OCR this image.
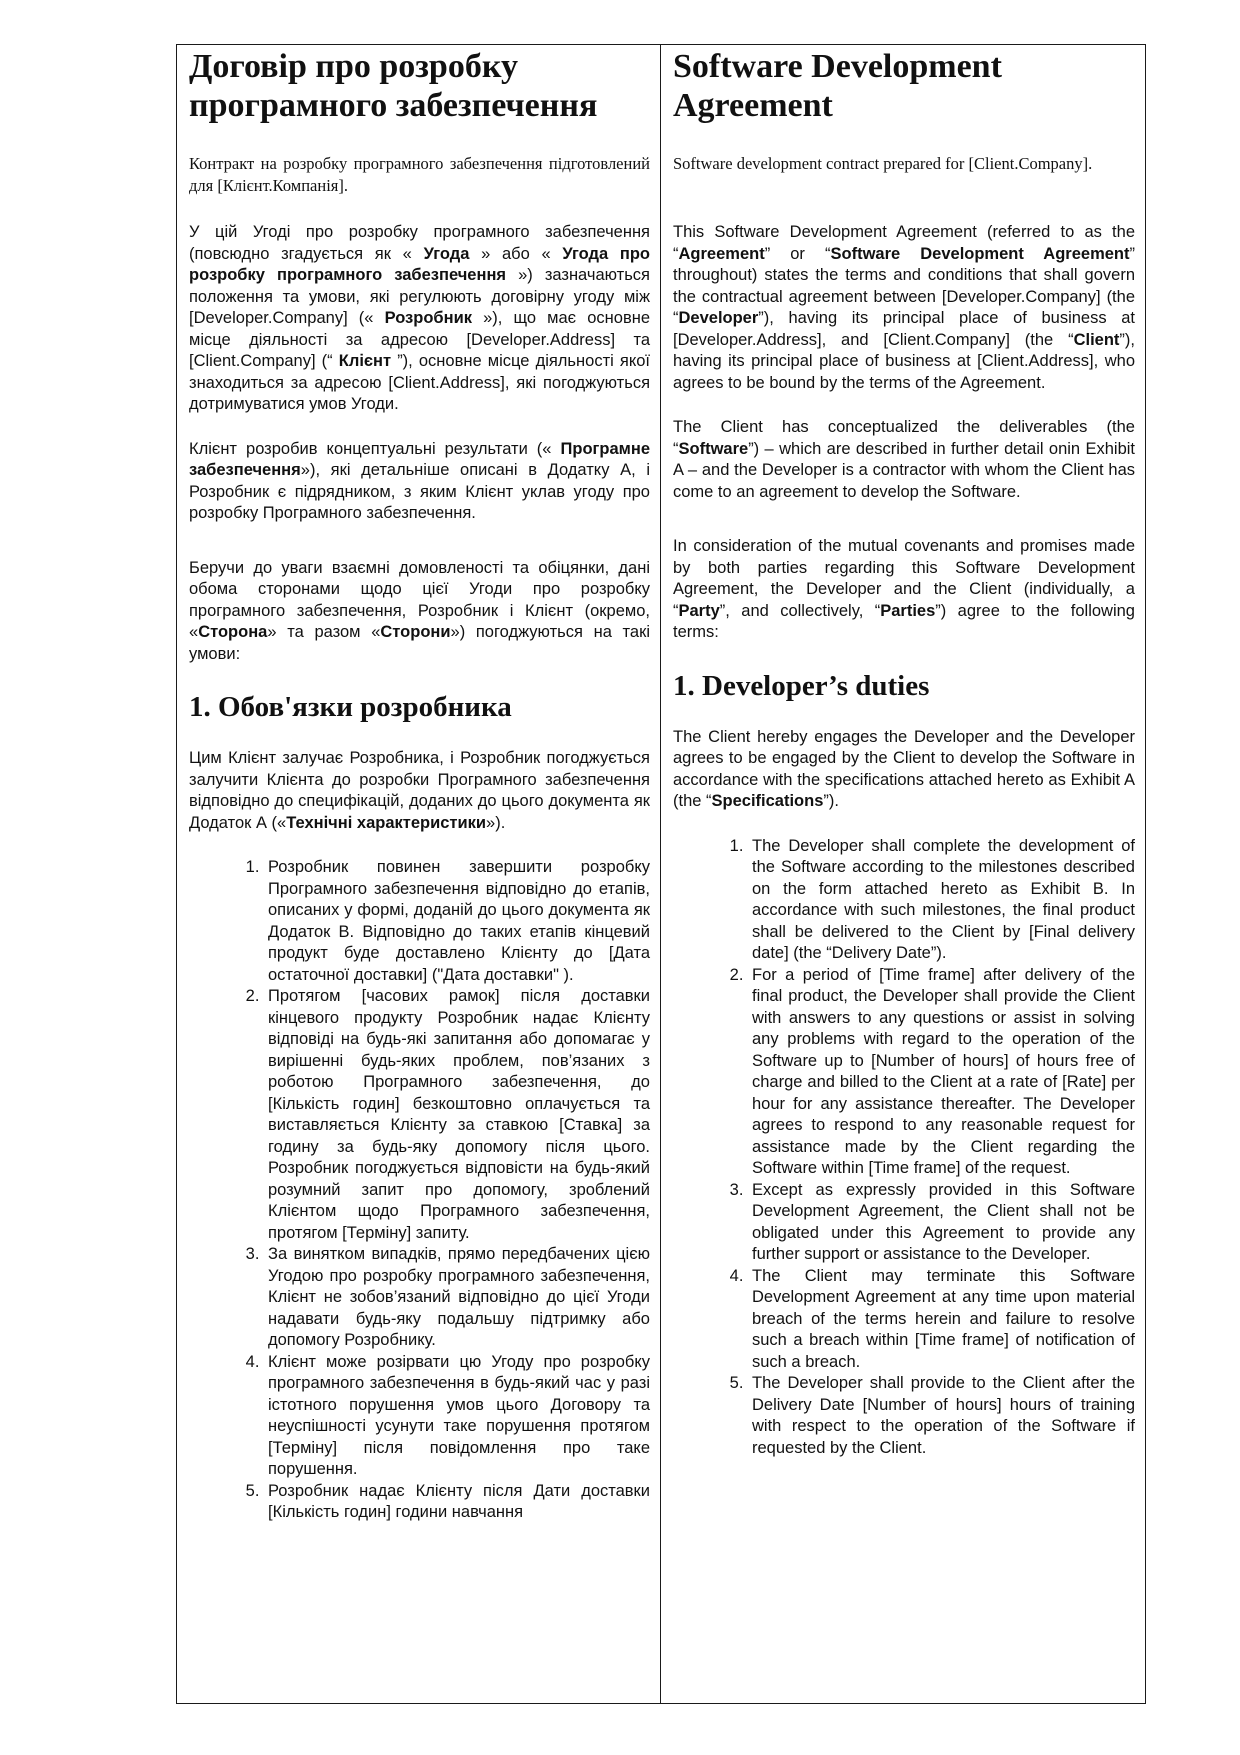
Договір про розробку програмного забезпечення
Контракт на розробку програмного забезпечення підготовлений для [Клієнт.Компанія].

У цій Угоді про розробку програмного забезпечення (повсюдно згадується як « Угода » або « Угода про розробку програмного забезпечення ») зазначаються положення та умови, які регулюють договірну угоду між [Developer.Company] (« Розробник »), що має основне місце діяльності за адресою [Developer.Address] та [Client.Company] (“ Клієнт ”), основне місце діяльності якої знаходиться за адресою [Client.Address], які погоджуються дотримуватися умов Угоди.

Клієнт розробив концептуальні результати (« Програмне забезпечення»), які детальніше описані в Додатку А, і Розробник є підрядником, з яким Клієнт уклав угоду про розробку Програмного забезпечення.

Беручи до уваги взаємні домовленості та обіцянки, дані обома сторонами щодо цієї Угоди про розробку програмного забезпечення, Розробник і Клієнт (окремо, «Сторона» та разом «Сторони») погоджуються на такі умови:

1. Обов'язки розробника

Цим Клієнт залучає Розробника, і Розробник погоджується залучити Клієнта до розробки Програмного забезпечення відповідно до специфікацій, доданих до цього документа як Додаток А («Технічні характеристики»).

1. Розробник повинен завершити розробку Програмного забезпечення відповідно до етапів, описаних у формі, доданій до цього документа як Додаток B. Відповідно до таких етапів кінцевий продукт буде доставлено Клієнту до [Дата остаточної доставки] ("Дата доставки" ).
2. Протягом [часових рамок] після доставки кінцевого продукту Розробник надає Клієнту відповіді на будь-які запитання або допомагає у вирішенні будь-яких проблем, пов’язаних з роботою Програмного забезпечення, до [Кількість годин] безкоштовно оплачується та виставляється Клієнту за ставкою [Ставка] за годину за будь-яку допомогу після цього. Розробник погоджується відповісти на будь-який розумний запит про допомогу, зроблений Клієнтом щодо Програмного забезпечення, протягом [Терміну] запиту.
3. За винятком випадків, прямо передбачених цією Угодою про розробку програмного забезпечення, Клієнт не зобов’язаний відповідно до цієї Угоди надавати будь-яку подальшу підтримку або допомогу Розробнику.
4. Клієнт може розірвати цю Угоду про розробку програмного забезпечення в будь-який час у разі істотного порушення умов цього Договору та неуспішності усунути таке порушення протягом [Терміну] після повідомлення про таке порушення.
5. Розробник надає Клієнту після Дати доставки [Кількість годин] години навчання
Software Development Agreement
Software development contract prepared for [Client.Company].

This Software Development Agreement (referred to as the “Agreement” or “Software Development Agreement” throughout) states the terms and conditions that shall govern the contractual agreement between [Developer.Company] (the “Developer”), having its principal place of business at [Developer.Address], and [Client.Company] (the “Client”), having its principal place of business at [Client.Address], who agrees to be bound by the terms of the Agreement.

The Client has conceptualized the deliverables (the “Software”) – which are described in further detail onin Exhibit A – and the Developer is a contractor with whom the Client has come to an agreement to develop the Software.

In consideration of the mutual covenants and promises made by both parties regarding this Software Development Agreement, the Developer and the Client (individually, a “Party”, and collectively, “Parties”) agree to the following terms:

1. Developer’s duties

The Client hereby engages the Developer and the Developer agrees to be engaged by the Client to develop the Software in accordance with the specifications attached hereto as Exhibit A (the “Specifications”).

1. The Developer shall complete the development of the Software according to the milestones described on the form attached hereto as Exhibit B. In accordance with such milestones, the final product shall be delivered to the Client by [Final delivery date] (the “Delivery Date”).
2. For a period of [Time frame] after delivery of the final product, the Developer shall provide the Client with answers to any questions or assist in solving any problems with regard to the operation of the Software up to [Number of hours] of hours free of charge and billed to the Client at a rate of [Rate] per hour for any assistance thereafter. The Developer agrees to respond to any reasonable request for assistance made by the Client regarding the Software within [Time frame] of the request.
3. Except as expressly provided in this Software Development Agreement, the Client shall not be obligated under this Agreement to provide any further support or assistance to the Developer.
4. The Client may terminate this Software Development Agreement at any time upon material breach of the terms herein and failure to resolve such a breach within [Time frame] of notification of such a breach.
5. The Developer shall provide to the Client after the Delivery Date [Number of hours] hours of training with respect to the operation of the Software if requested by the Client.
